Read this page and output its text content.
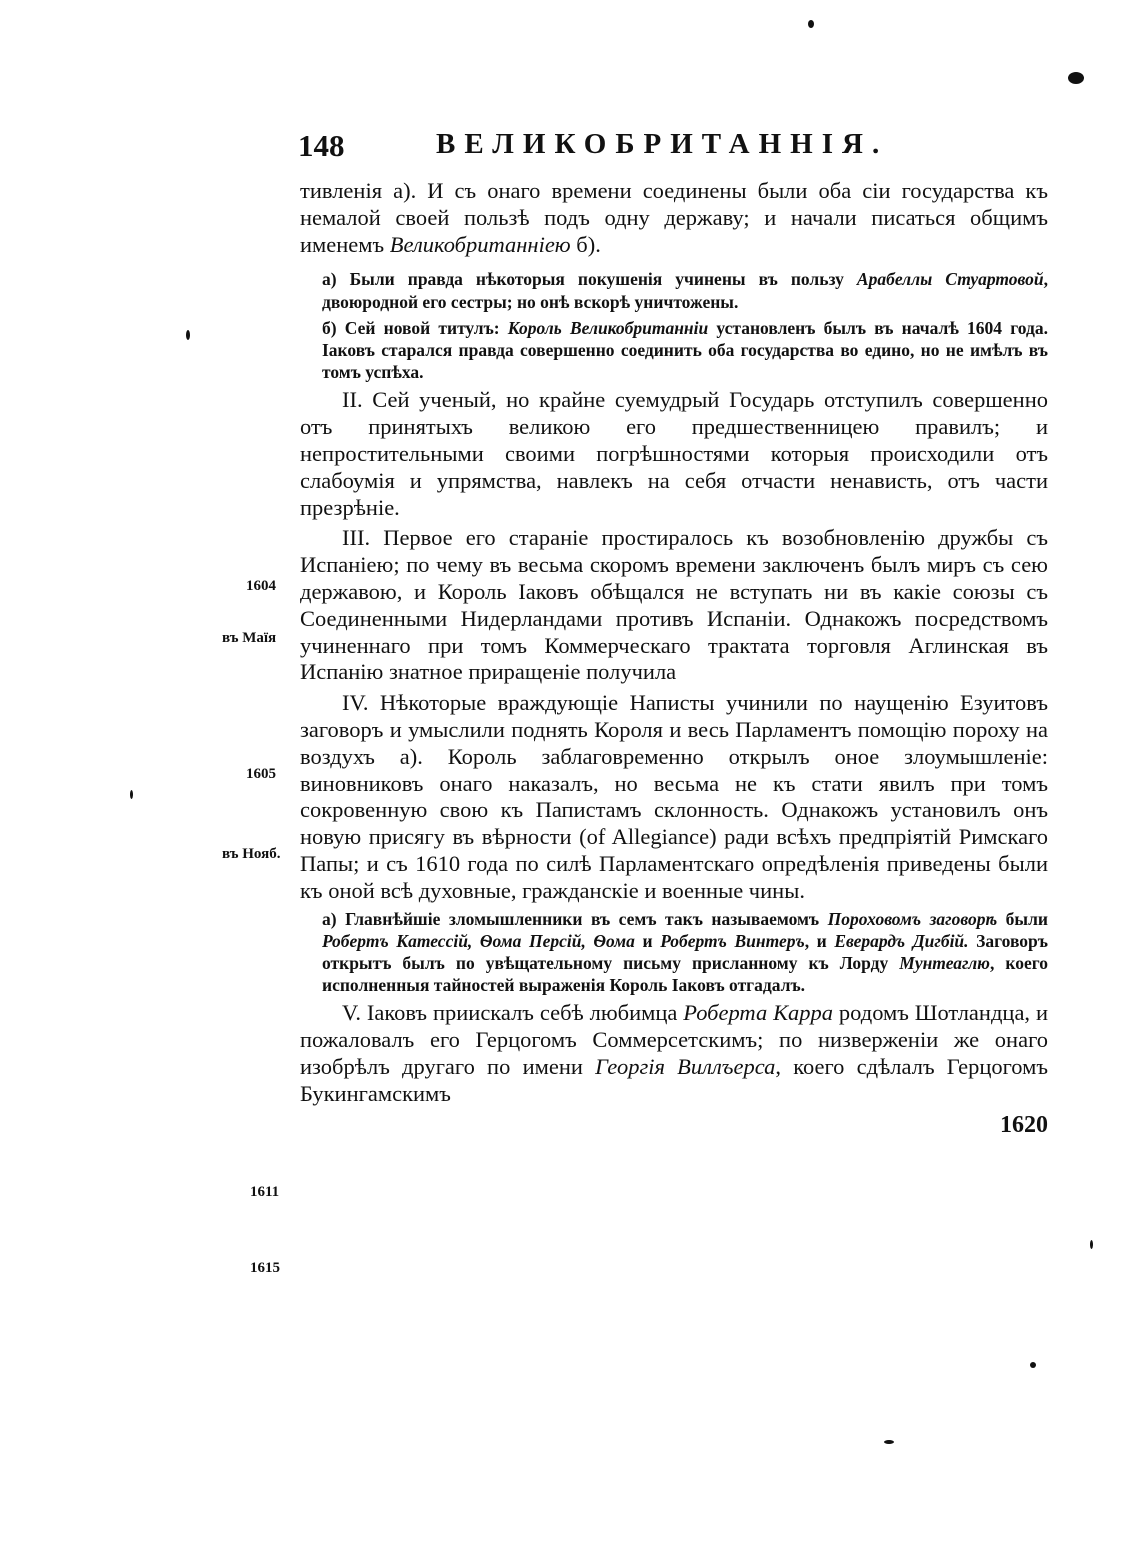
148	ВЕЛИКОБРИТАННIЯ.
1604
въ Маїя
1605
въ Нояб.
1611
1615

тивленія а). И съ онаго времени соединены были оба сіи государства къ немалой своей пользѣ подъ одну державу; и начали писаться общимъ именемъ Великобританніею б).

а) Были правда нѣкоторыя покушенія учинены въ пользу Арабеллы Стуартовой, двоюродной его сестры; но онѣ вскорѣ уничтожены.

б) Сей новой титулъ: Король Великобританніи установленъ былъ въ началѣ 1604 года. Іаковъ старался правда совершенно соединить оба государства во едино, но не имѣлъ въ томъ успѣха.

II. Сей ученый, но крайне суемудрый Государь отступилъ совершенно отъ принятыхъ великою его предшественницею правилъ; и непростительными своими погрѣшностями которыя происходили отъ слабоумія и упрямства, навлекъ на себя отчасти ненависть, отъ части презрѣніе.

III. Первое его стараніе простиралось къ возобновленію дружбы съ Испаніею; по чему въ весьма скоромъ времени заключенъ былъ миръ съ сею державою, и Король Іаковъ обѣщался не вступать ни въ какіе союзы съ Соединенными Нидерландами противъ Испаніи. Однакожъ посредствомъ учиненнаго при томъ Коммерческаго трактата торговля Аглинская въ Испанію знатное приращеніе получила

IV. Нѣкоторые враждующіе Написты учинили по наущенію Езуитовъ заговоръ и умыслили поднять Короля и весь Парламентъ помощію пороху на воздухъ а). Король заблаговременно открылъ оное злоумышленіе: виновниковъ онаго наказалъ, но весьма не къ стати явилъ при томъ сокровенную свою къ Папистамъ склонность. Однакожъ установилъ онъ новую присягу въ вѣрности (of Allegiance) ради всѣхъ предпріятій Римскаго Папы; и съ 1610 года по силѣ Парламентскаго опредѣленія приведены были къ оной всѣ духовные, гражданскіе и военные чины.

а) Главнѣйшіе зломышленники въ семъ такъ называемомъ Пороховомъ заговорѣ были Робертъ Катессій, Ѳома Персій, Ѳома и Робертъ Винтеръ, и Еверардъ Дигбій. Заговоръ открытъ былъ по увѣщательному письму присланному къ Лорду Мунтеаглю, коего исполненныя тайностей выраженія Король Іаковъ отгадалъ.

V. Іаковъ приискалъ себѣ любимца Роберта Карра родомъ Шотландца, и пожаловалъ его Герцогомъ Соммерсетскимъ; по низверженіи же онаго изобрѣлъ другаго по имени Георгія Виллъерса, коего сдѣлалъ Герцогомъ Букингамскимъ

1620
